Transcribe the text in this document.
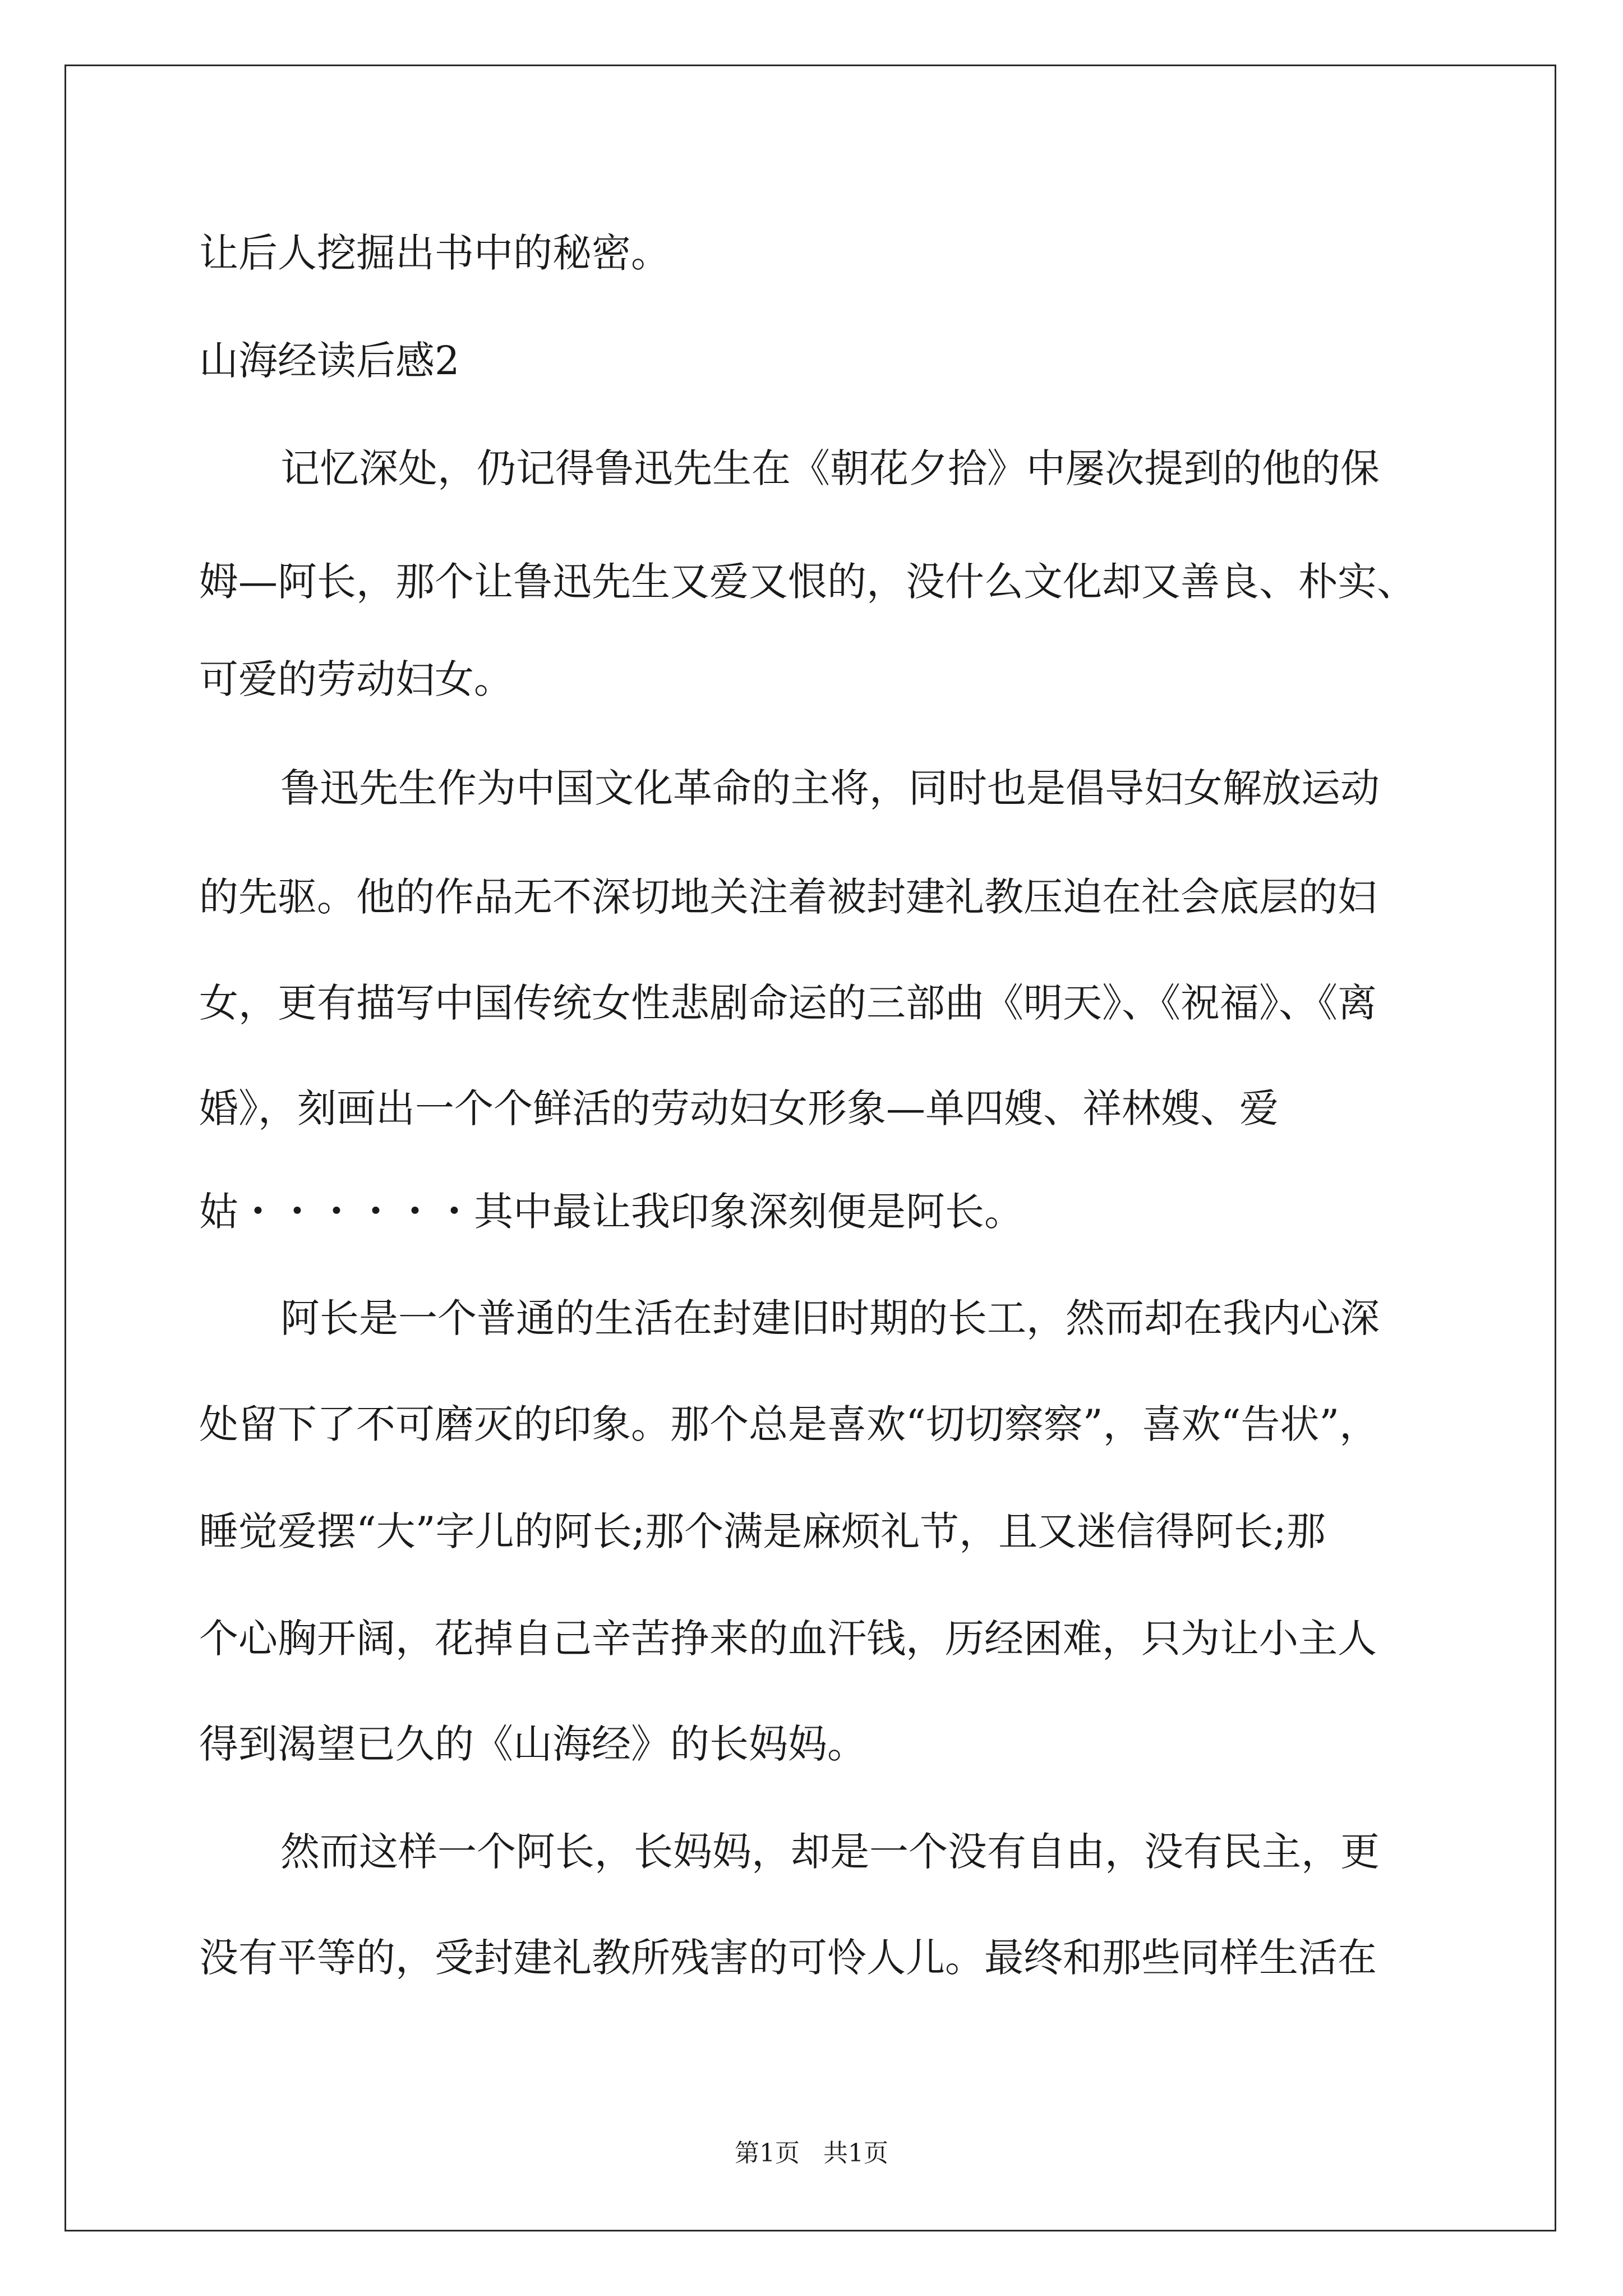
让后人挖掘出书中的秘密。

山海经读后感2

记忆深处，仍记得鲁迅先生在《朝花夕拾》中屡次提到的他的保

姆—阿长，那个让鲁迅先生又爱又恨的，没什么文化却又善良、朴实、

可爱的劳动妇女。

鲁迅先生作为中国文化革命的主将，同时也是倡导妇女解放运动

的先驱。他的作品无不深切地关注着被封建礼教压迫在社会底层的妇

女，更有描写中国传统女性悲剧命运的三部曲《明天》、《祝福》、《离

婚》，刻画出一个个鲜活的劳动妇女形象—单四嫂、祥林嫂、爱

姑・・・・・・其中最让我印象深刻便是阿长。

阿长是一个普通的生活在封建旧时期的长工，然而却在我内心深

处留下了不可磨灭的印象。那个总是喜欢“切切察察”，喜欢“告状”，

睡觉爱摆“大”字儿的阿长;那个满是麻烦礼节，且又迷信得阿长;那

个心胸开阔，花掉自己辛苦挣来的血汗钱，历经困难，只为让小主人

得到渴望已久的《山海经》的长妈妈。

然而这样一个阿长，长妈妈，却是一个没有自由，没有民主，更

没有平等的，受封建礼教所残害的可怜人儿。最终和那些同样生活在

第1页   共1页
